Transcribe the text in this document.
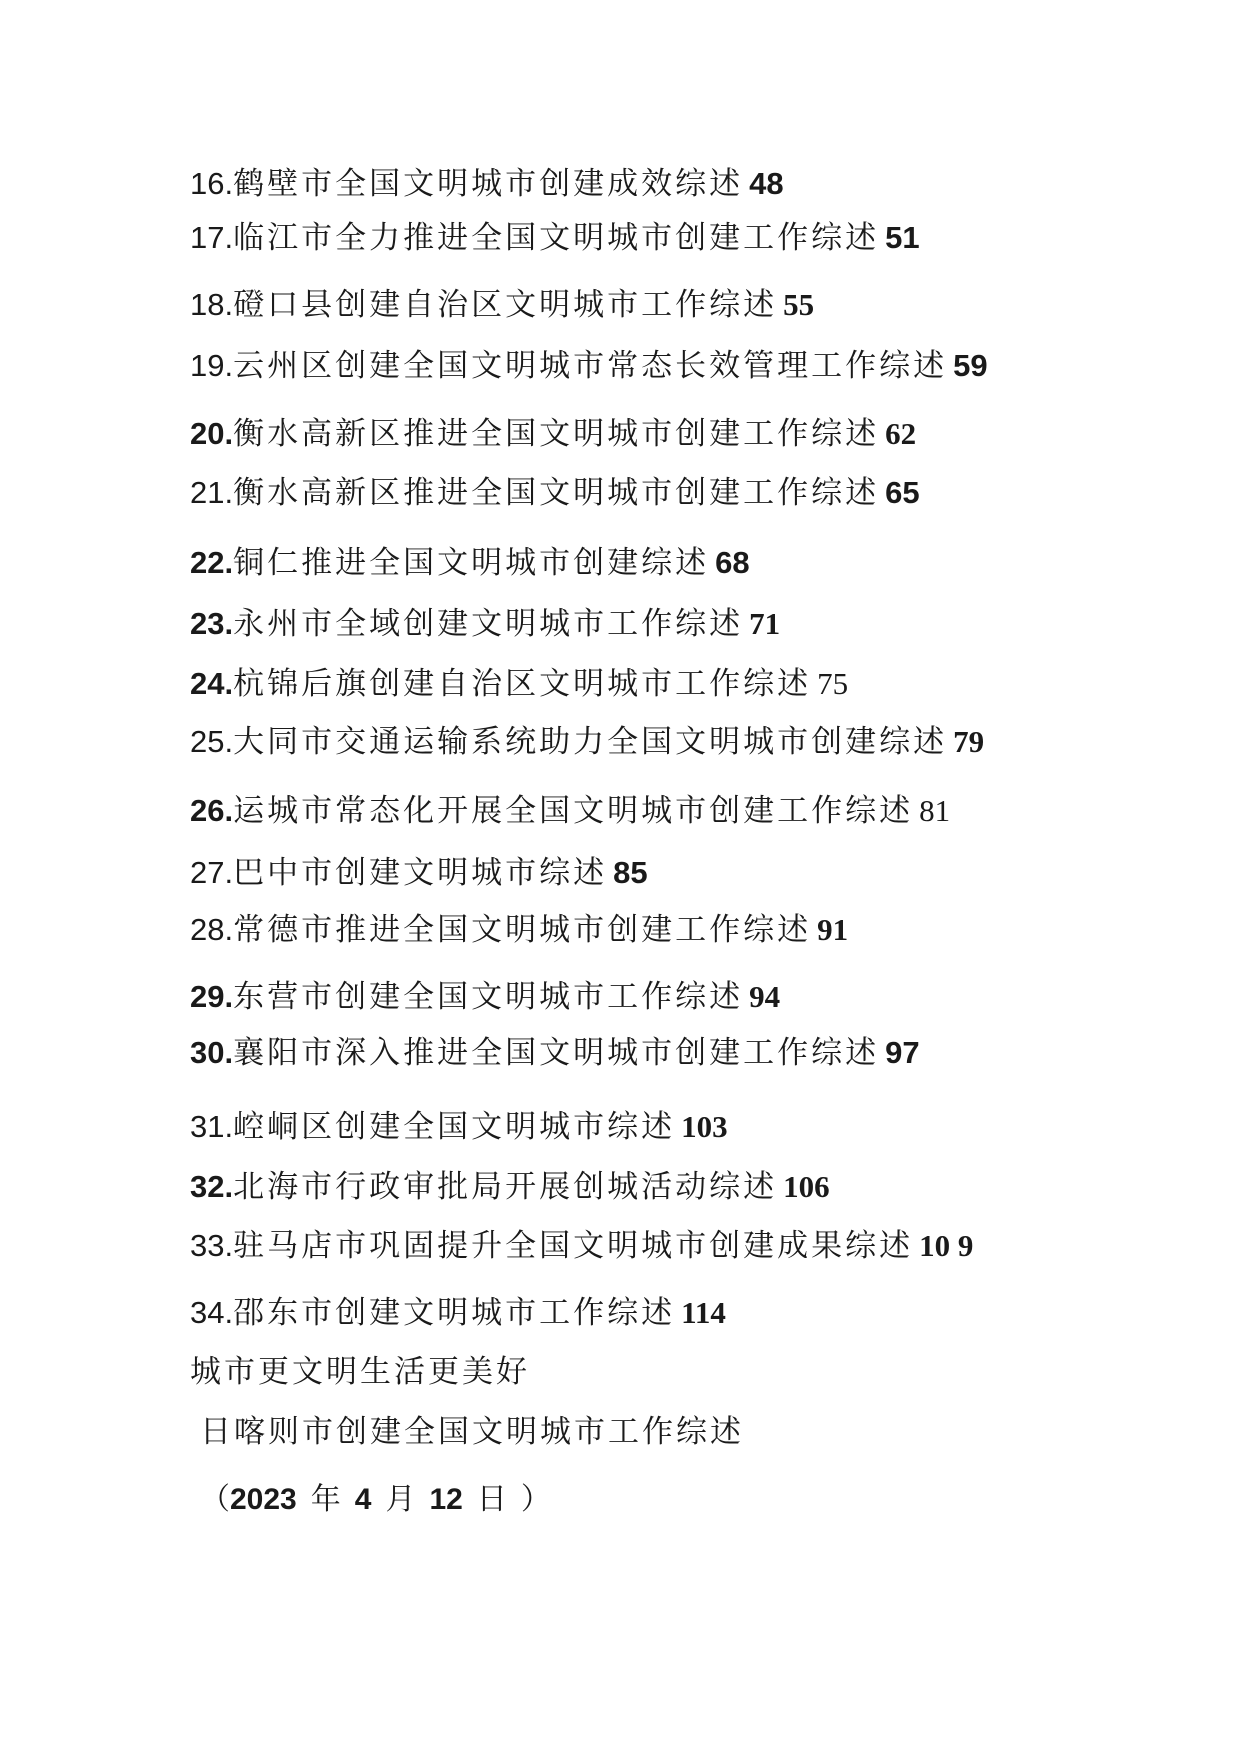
16.鹤壁市全国文明城市创建成效综述 48
17.临江市全力推进全国文明城市创建工作综述 51
18.磴口县创建自治区文明城市工作综述 55
19.云州区创建全国文明城市常态长效管理工作综述 59
20.衡水高新区推进全国文明城市创建工作综述 62
21.衡水高新区推进全国文明城市创建工作综述 65
22.铜仁推进全国文明城市创建综述 68
23.永州市全域创建文明城市工作综述 71
24.杭锦后旗创建自治区文明城市工作综述 75
25.大同市交通运输系统助力全国文明城市创建综述 79
26.运城市常态化开展全国文明城市创建工作综述 81
27.巴中市创建文明城市综述 85
28.常德市推进全国文明城市创建工作综述 91
29.东营市创建全国文明城市工作综述 94
30.襄阳市深入推进全国文明城市创建工作综述 97
31.崆峒区创建全国文明城市综述 103
32.北海市行政审批局开展创城活动综述 106
33.驻马店市巩固提升全国文明城市创建成果综述 10 9
34.邵东市创建文明城市工作综述 114
城市更文明生活更美好
日喀则市创建全国文明城市工作综述
（2023 年 4 月 12 日 ）
